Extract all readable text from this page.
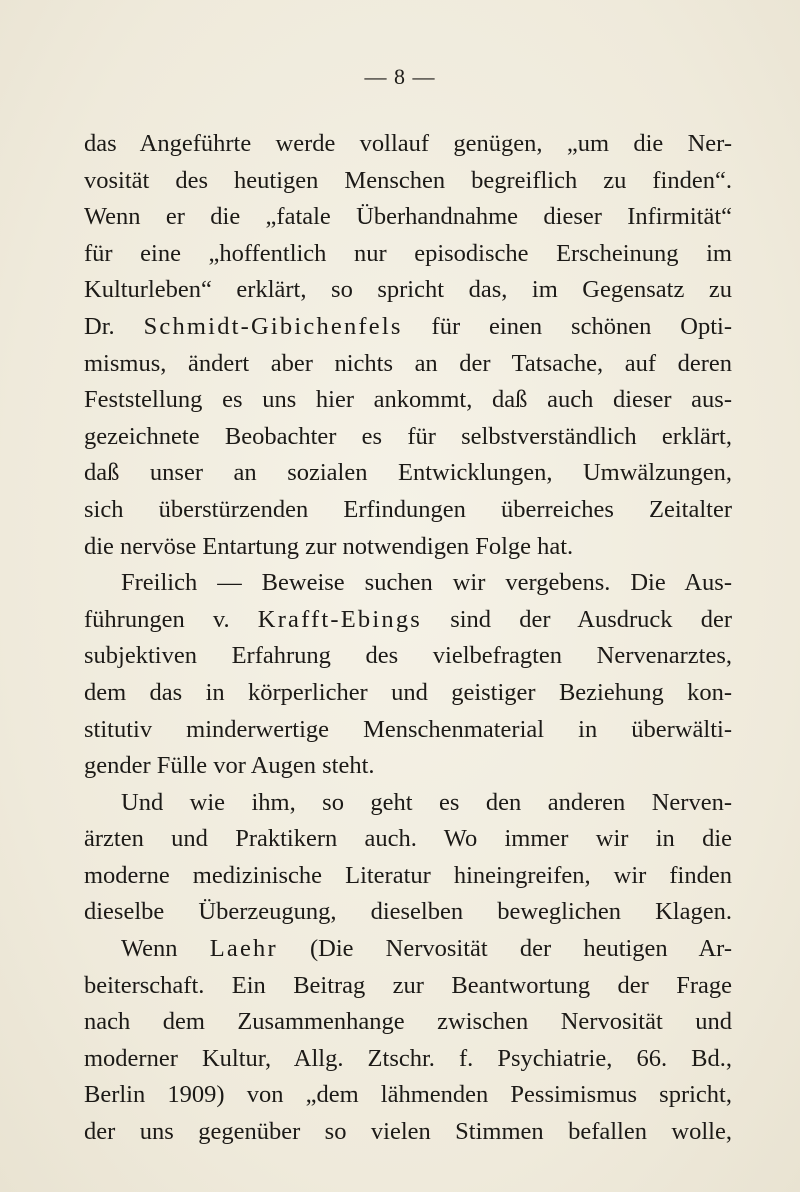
— 8 —
das Angeführte werde vollauf genügen, „um die Ner-
vosität des heutigen Menschen begreiflich zu finden“.
Wenn er die „fatale Überhandnahme dieser Infirmität“
für eine „hoffentlich nur episodische Erscheinung im
Kulturleben“ erklärt, so spricht das, im Gegensatz zu
Dr. Schmidt-Gibichenfels für einen schönen Opti-
mismus, ändert aber nichts an der Tatsache, auf deren
Feststellung es uns hier ankommt, daß auch dieser aus-
gezeichnete Beobachter es für selbstverständlich erklärt,
daß unser an sozialen Entwicklungen, Umwälzungen,
sich überstürzenden Erfindungen überreiches Zeitalter
die nervöse Entartung zur notwendigen Folge hat.
Freilich — Beweise suchen wir vergebens. Die Aus-
führungen v. Krafft-Ebings sind der Ausdruck der
subjektiven Erfahrung des vielbefragten Nervenarztes,
dem das in körperlicher und geistiger Beziehung kon-
stitutiv minderwertige Menschenmaterial in überwälti-
gender Fülle vor Augen steht.
Und wie ihm, so geht es den anderen Nerven-
ärzten und Praktikern auch. Wo immer wir in die
moderne medizinische Literatur hineingreifen, wir finden
dieselbe Überzeugung, dieselben beweglichen Klagen.
Wenn Laehr (Die Nervosität der heutigen Ar-
beiterschaft. Ein Beitrag zur Beantwortung der Frage
nach dem Zusammenhange zwischen Nervosität und
moderner Kultur, Allg. Ztschr. f. Psychiatrie, 66. Bd.,
Berlin 1909) von „dem lähmenden Pessimismus spricht,
der uns gegenüber so vielen Stimmen befallen wolle,
